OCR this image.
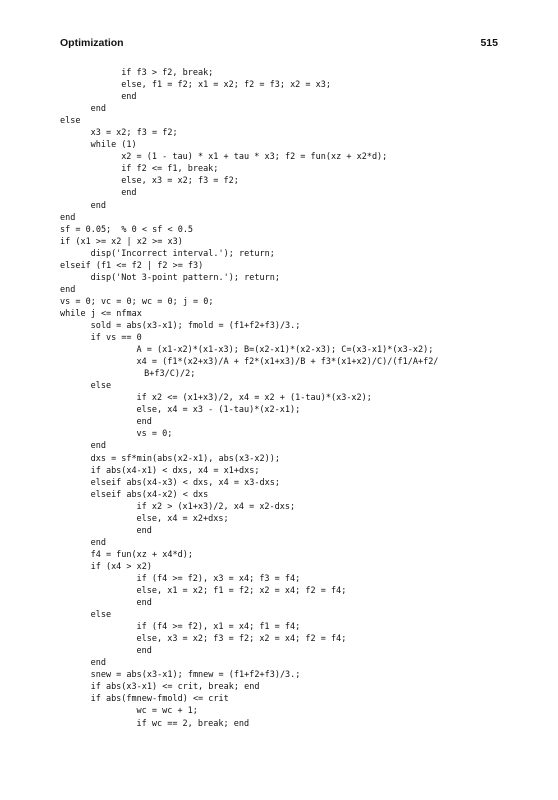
Optimization	515
if f3 > f2, break;
else, f1 = f2; x1 = x2; f2 = f3; x2 = x3;
end
end
else
x3 = x2; f3 = f2;
while (1)
x2 = (1 - tau) * x1 + tau * x3; f2 = fun(xz + x2*d);
if f2 <= f1, break;
else, x3 = x2; f3 = f2;
end
end
end
sf = 0.05;  % 0 < sf < 0.5
if (x1 >= x2 | x2 >= x3)
disp('Incorrect interval.'); return;
elseif (f1 <= f2 | f2 >= f3)
disp('Not 3-point pattern.'); return;
end
vs = 0; vc = 0; wc = 0; j = 0;
while j <= nfmax
sold = abs(x3-x1); fmold = (f1+f2+f3)/3.;
if vs == 0
A = (x1-x2)*(x1-x3); B=(x2-x1)*(x2-x3); C=(x3-x1)*(x3-x2);
x4 = (f1*(x2+x3)/A + f2*(x1+x3)/B + f3*(x1+x2)/C)/(f1/A+f2/
B+f3/C)/2;
else
if x2 <= (x1+x3)/2, x4 = x2 + (1-tau)*(x3-x2);
else, x4 = x3 - (1-tau)*(x2-x1);
end
vs = 0;
end
dxs = sf*min(abs(x2-x1), abs(x3-x2));
if abs(x4-x1) < dxs, x4 = x1+dxs;
elseif abs(x4-x3) < dxs, x4 = x3-dxs;
elseif abs(x4-x2) < dxs
if x2 > (x1+x3)/2, x4 = x2-dxs;
else, x4 = x2+dxs;
end
end
f4 = fun(xz + x4*d);
if (x4 > x2)
if (f4 >= f2), x3 = x4; f3 = f4;
else, x1 = x2; f1 = f2; x2 = x4; f2 = f4;
end
else
if (f4 >= f2), x1 = x4; f1 = f4;
else, x3 = x2; f3 = f2; x2 = x4; f2 = f4;
end
end
snew = abs(x3-x1); fmnew = (f1+f2+f3)/3.;
if abs(x3-x1) <= crit, break; end
if abs(fmnew-fmold) <= crit
wc = wc + 1;
if wc == 2, break; end
